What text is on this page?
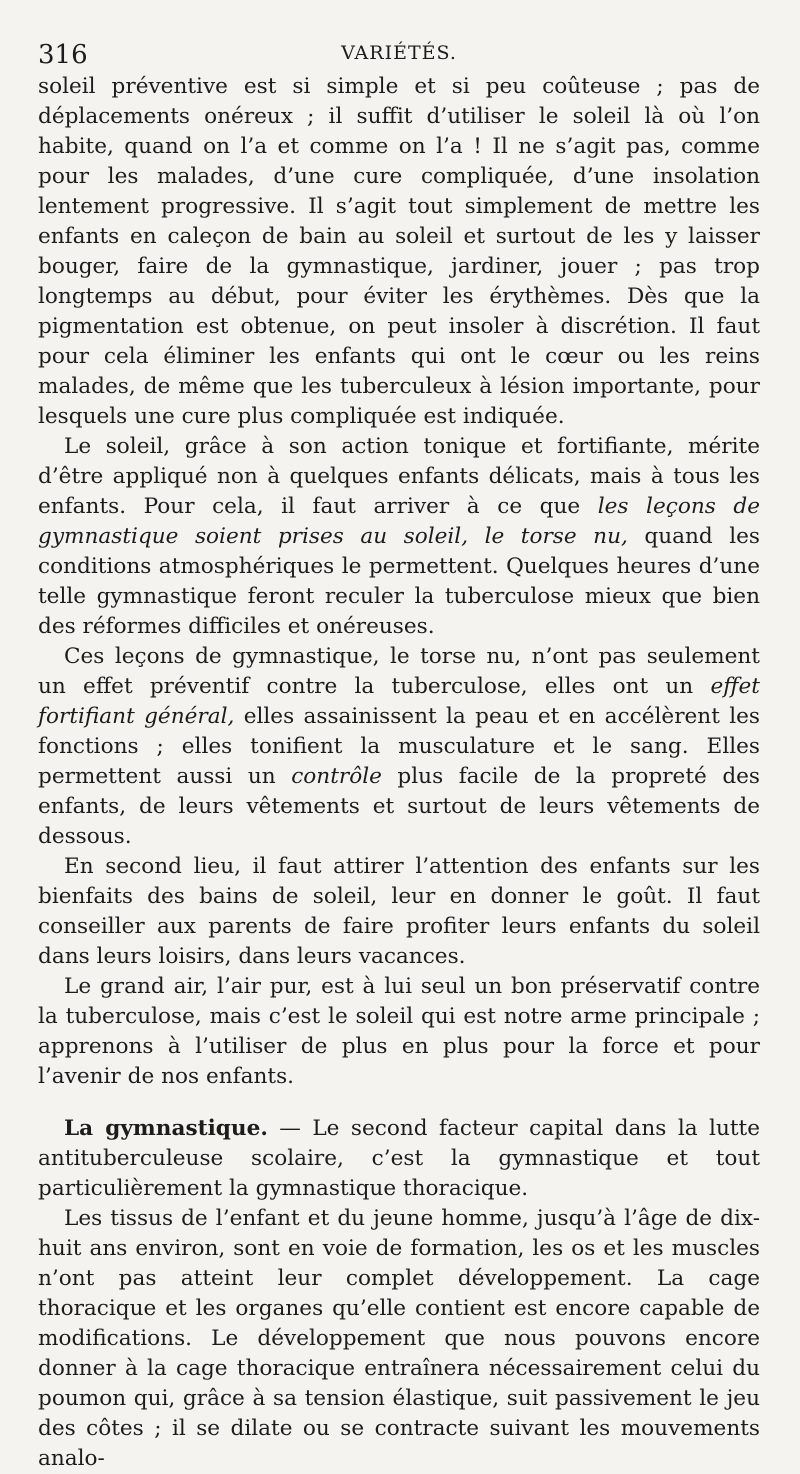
316	VARIÉTÉS.

soleil préventive est si simple et si peu coûteuse ; pas de déplacements onéreux ; il suffit d’utiliser le soleil là où l’on habite, quand on l’a et comme on l’a ! Il ne s’agit pas, comme pour les malades, d’une cure compliquée, d’une insolation lentement progressive. Il s’agit tout simplement de mettre les enfants en caleçon de bain au soleil et surtout de les y laisser bouger, faire de la gymnastique, jardiner, jouer ; pas trop longtemps au début, pour éviter les érythèmes. Dès que la pigmentation est obtenue, on peut insoler à discrétion. Il faut pour cela éliminer les enfants qui ont le cœur ou les reins malades, de même que les tuberculeux à lésion importante, pour lesquels une cure plus compliquée est indiquée.

Le soleil, grâce à son action tonique et fortifiante, mérite d’être appliqué non à quelques enfants délicats, mais à tous les enfants. Pour cela, il faut arriver à ce que les leçons de gymnastique soient prises au soleil, le torse nu, quand les conditions atmosphériques le permettent. Quelques heures d’une telle gymnastique feront reculer la tuberculose mieux que bien des réformes difficiles et onéreuses.

Ces leçons de gymnastique, le torse nu, n’ont pas seulement un effet préventif contre la tuberculose, elles ont un effet fortifiant général, elles assainissent la peau et en accélèrent les fonctions ; elles tonifient la musculature et le sang. Elles permettent aussi un contrôle plus facile de la propreté des enfants, de leurs vêtements et surtout de leurs vêtements de dessous.

En second lieu, il faut attirer l’attention des enfants sur les bienfaits des bains de soleil, leur en donner le goût. Il faut conseiller aux parents de faire profiter leurs enfants du soleil dans leurs loisirs, dans leurs vacances.

Le grand air, l’air pur, est à lui seul un bon préservatif contre la tuberculose, mais c’est le soleil qui est notre arme principale ; apprenons à l’utiliser de plus en plus pour la force et pour l’avenir de nos enfants.

La gymnastique. — Le second facteur capital dans la lutte antituberculeuse scolaire, c’est la gymnastique et tout particulièrement la gymnastique thoracique.

Les tissus de l’enfant et du jeune homme, jusqu’à l’âge de dix-huit ans environ, sont en voie de formation, les os et les muscles n’ont pas atteint leur complet développement. La cage thoracique et les organes qu’elle contient est encore capable de modifications. Le développement que nous pouvons encore donner à la cage thoracique entraînera nécessairement celui du poumon qui, grâce à sa tension élastique, suit passivement le jeu des côtes ; il se dilate ou se contracte suivant les mouvements analo-
